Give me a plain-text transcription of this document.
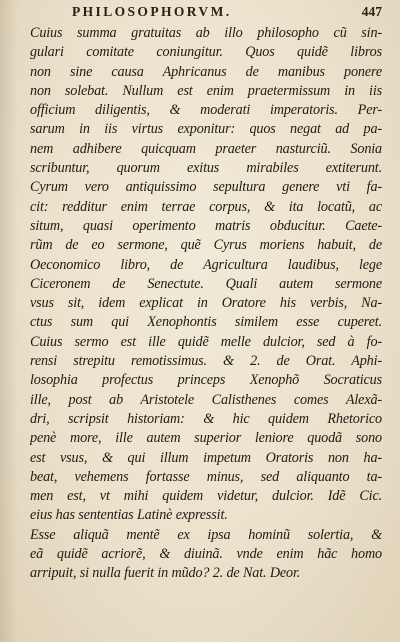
PHILOSOPHORVM.	447
Cuius summa gratuitas ab illo philosopho cũ sin-
gulari comitate coniungitur. Quos quidẽ libros
non sine causa Aphricanus de manibus ponere
non solebat. Nullum est enim praetermissum in iis
officium diligentis, & moderati imperatoris. Per-
sarum in iis virtus exponitur: quos negat ad pa-
nem adhibere quicquam praeter nasturciũ. Sonia
scribuntur, quorum exitus mirabiles extiterunt.
Cyrum vero antiquissimo sepultura genere vti fa-
cit: redditur enim terrae corpus, & ita locatũ, ac
situm, quasi operimento matris obducitur. Caete-
rũm de eo sermone, quẽ Cyrus moriens habuit, de
Oeconomico libro, de Agricultura laudibus, lege
Ciceronem de Senectute. Quali autem sermone
vsus sit, idem explicat in Oratore his verbis, Na-
ctus sum qui Xenophontis similem esse cuperet.
Cuius sermo est ille quidẽ melle dulcior, sed à fo-
rensi strepitu remotissimus. & 2. de Orat. Aphi-
losophia profectus princeps Xenophõ Socraticus
ille, post ab Aristotele Calisthenes comes Alexã-
dri, scripsit historiam: & hic quidem Rhetorico
penè more, ille autem superior leniore quodã sono
est vsus, & qui illum impetum Oratoris non ha-
beat, vehemens fortasse minus, sed aliquanto ta-
men est, vt mihi quidem videtur, dulcior. Idẽ Cic.
eius has sententias Latinè expressit.
Esse aliquã mentẽ ex ipsa hominũ solertia, &
eã quidẽ acriorẽ, & diuinã. vnde enim hãc homo
arripuit, si nulla fuerit in mũdo? 2. de Nat. Deor.
